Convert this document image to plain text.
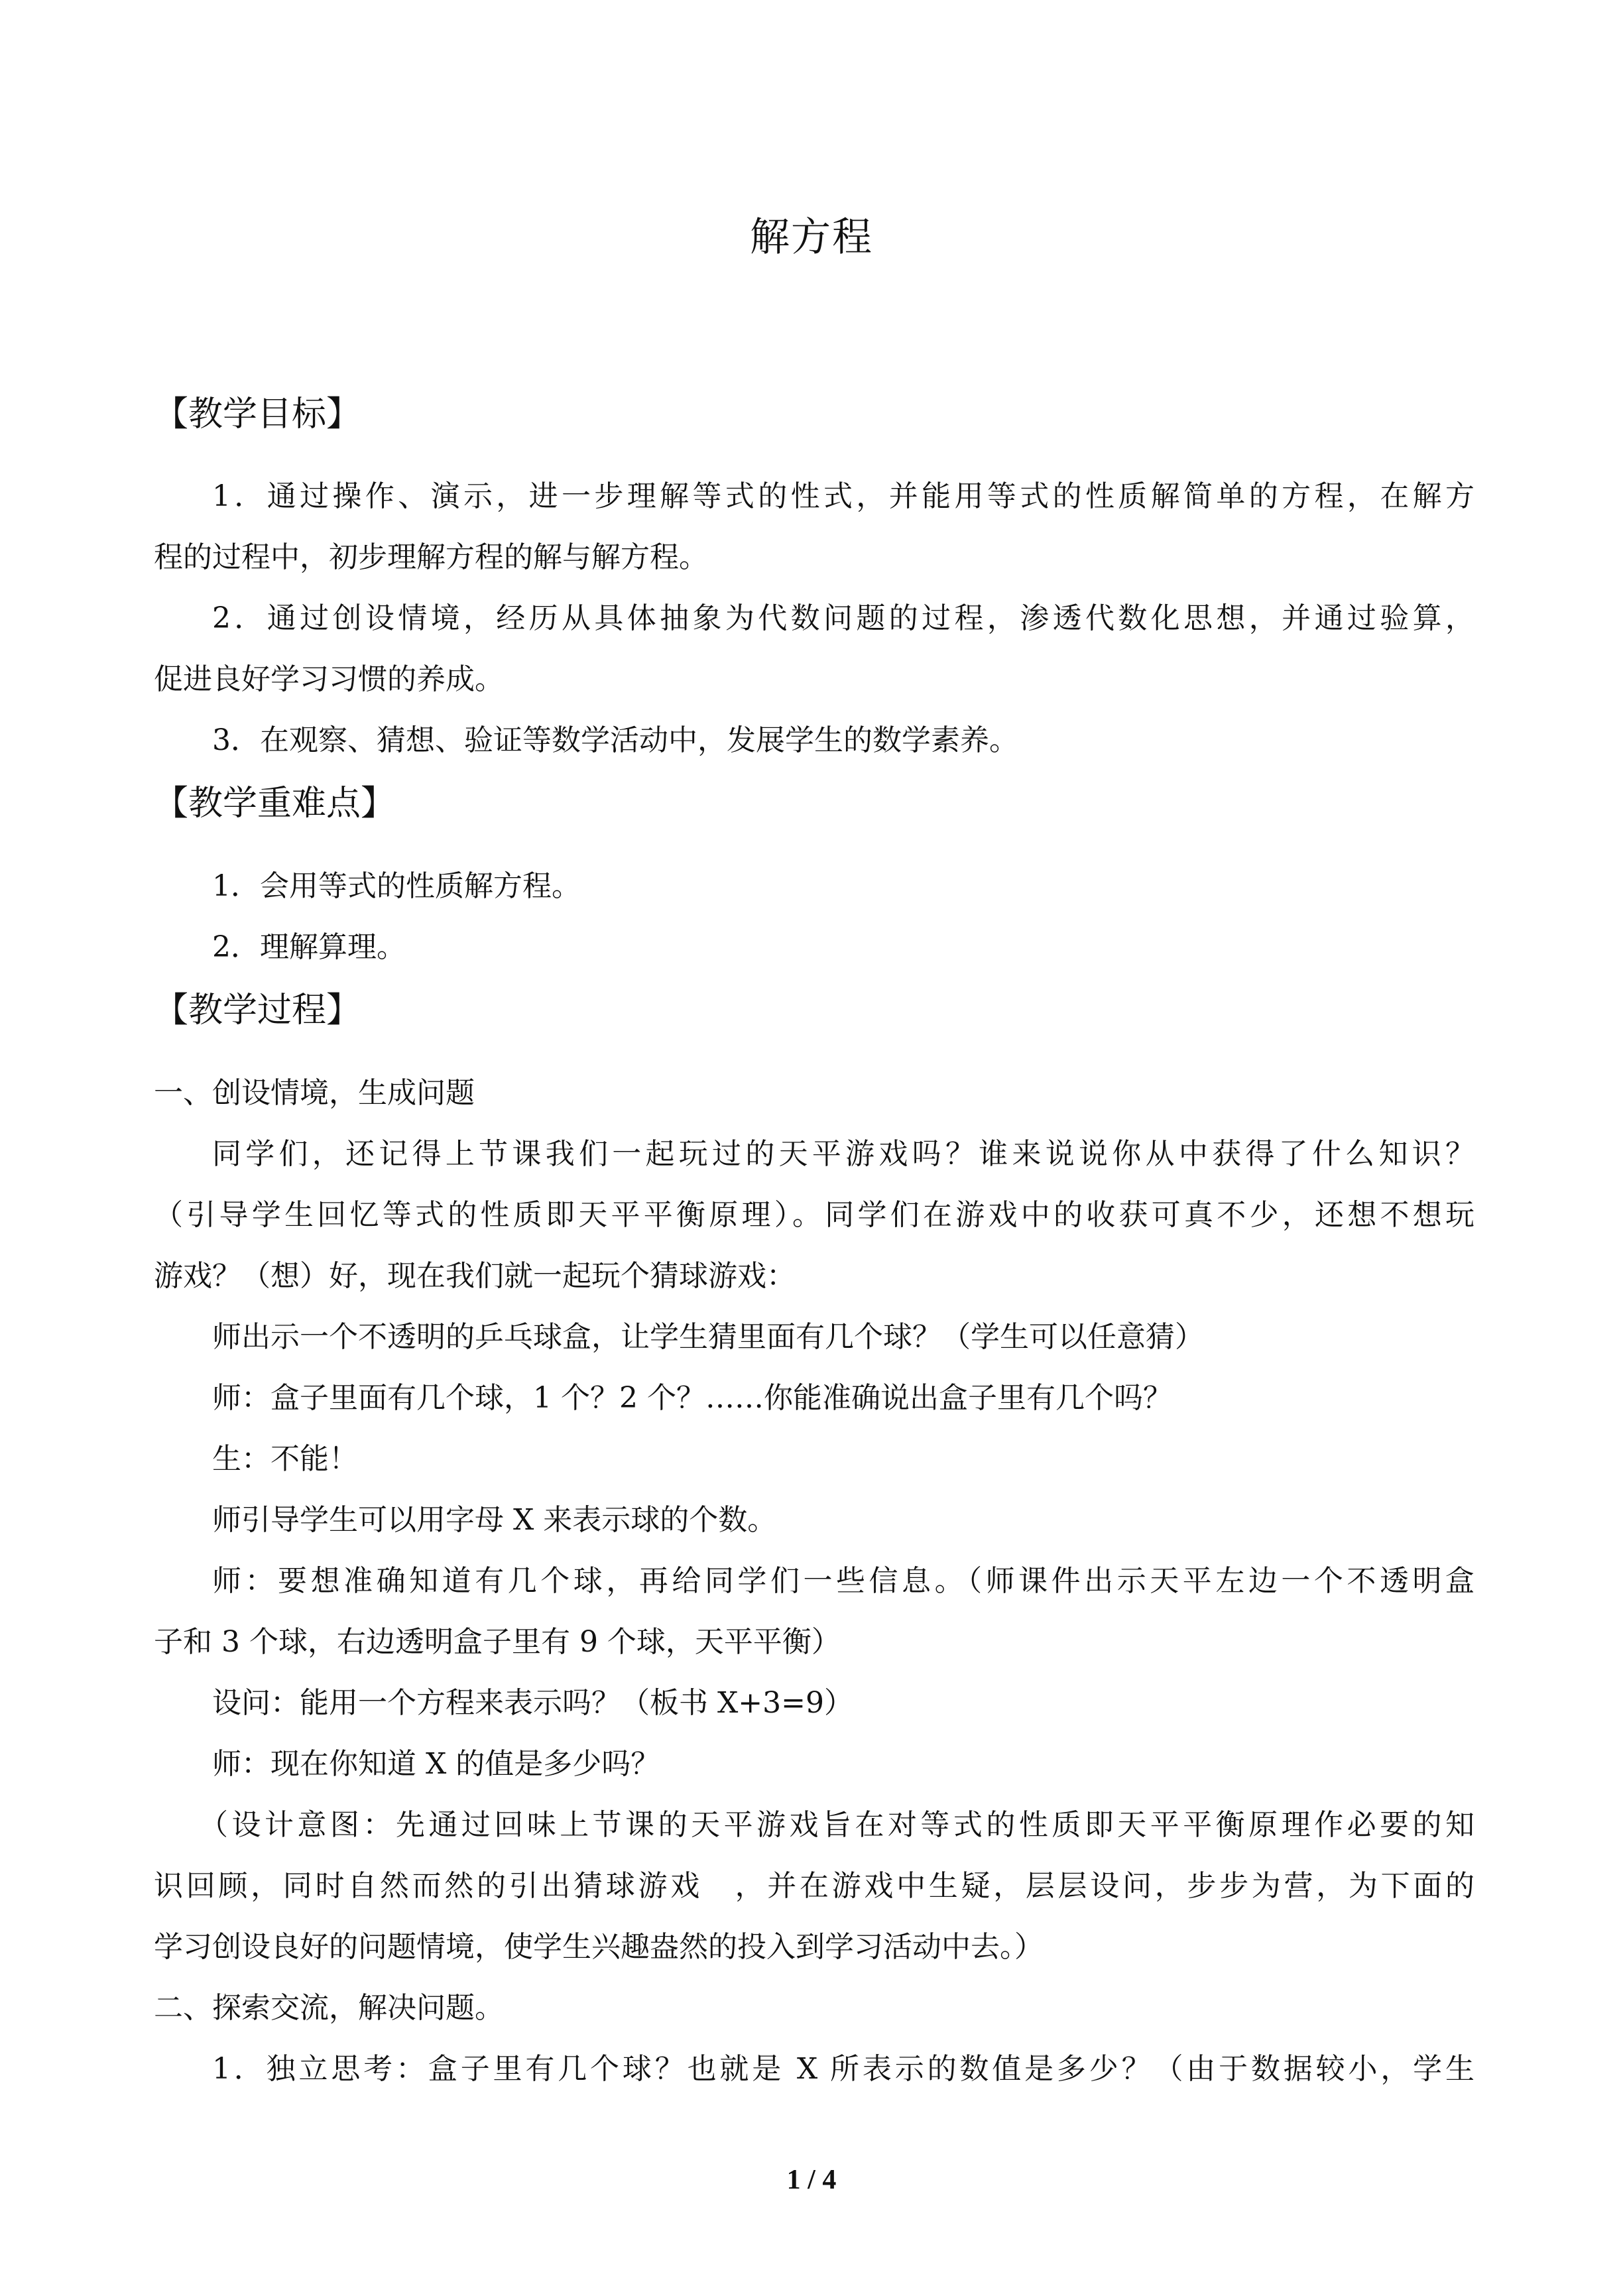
解方程
【教学目标】
1．通过操作、演示，进一步理解等式的性式，并能用等式的性质解简单的方程，在解方
程的过程中，初步理解方程的解与解方程。
2．通过创设情境，经历从具体抽象为代数问题的过程，渗透代数化思想，并通过验算，
促进良好学习习惯的养成。
3．在观察、猜想、验证等数学活动中，发展学生的数学素养。
【教学重难点】
1．会用等式的性质解方程。
2．理解算理。
【教学过程】
一、创设情境，生成问题
同学们，还记得上节课我们一起玩过的天平游戏吗？谁来说说你从中获得了什么知识？
（引导学生回忆等式的性质即天平平衡原理）。同学们在游戏中的收获可真不少，还想不想玩
游戏？（想）好，现在我们就一起玩个猜球游戏：
师出示一个不透明的乒乓球盒，让学生猜里面有几个球？（学生可以任意猜）
师：盒子里面有几个球，1 个？2 个？……你能准确说出盒子里有几个吗？
生：不能！
师引导学生可以用字母 X 来表示球的个数。
师：要想准确知道有几个球，再给同学们一些信息。（师课件出示天平左边一个不透明盒
子和 3 个球，右边透明盒子里有 9 个球，天平平衡）
设问：能用一个方程来表示吗？（板书 X+3=9）
师：现在你知道 X 的值是多少吗？
（设计意图：先通过回味上节课的天平游戏旨在对等式的性质即天平平衡原理作必要的知
识回顾，同时自然而然的引出猜球游戏　，并在游戏中生疑，层层设问，步步为营，为下面的
学习创设良好的问题情境，使学生兴趣盎然的投入到学习活动中去。）
二、探索交流，解决问题。
1．独立思考：盒子里有几个球？也就是 X 所表示的数值是多少？（由于数据较小，学生
1 / 4
